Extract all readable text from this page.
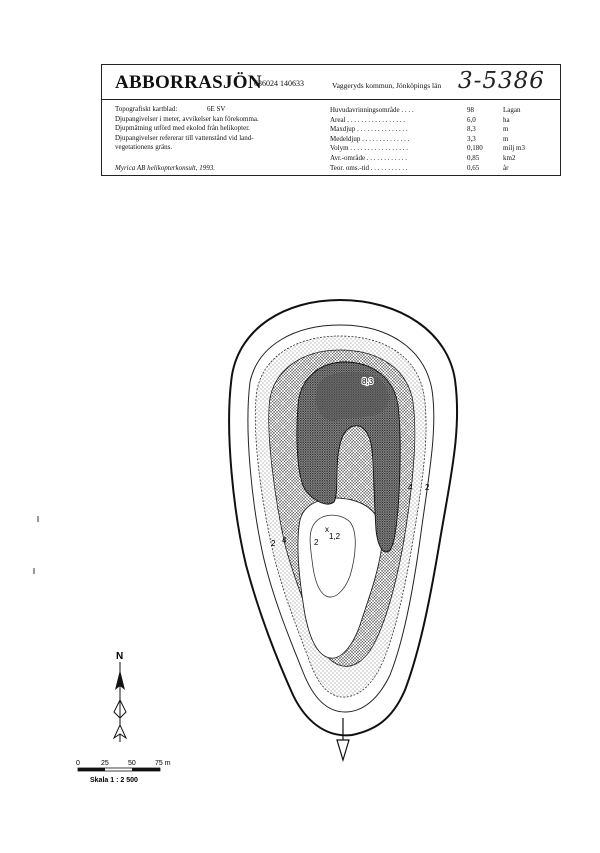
ABBORRASJÖN
636024 140633	Vaggeryds kommun, Jönköpings län 3-5386
Topografiskt kartblad:	6E SV
Djupangivelser i meter, avvikelser kan förekomma.
Djupmätning utförd med ekolod från helikopter.
Djupangivelser refererar till vattenstånd vid land-
vegetationens gräns.
Myrica AB helikopterkonsult, 1993.
Huvudavrinningsområde . . . .	98	Lagan
Areal . . . . . . . . . . . . . . . . .	6,0	ha
Maxdjup . . . . . . . . . . . . . . .	8,3	m
Medeldjup . . . . . . . . . . . . . .	3,3	m
Volym . . . . . . . . . . . . . . . . .	0,180	milj m3
Avr.-område . . . . . . . . . . . .	0,85	km2
Teor. oms.-tid . . . . . . . . . . .	0,65	år
8,3
4 2
2 4	2
x
1,2
N
0	25	50	75 m
Skala 1 : 2 500
